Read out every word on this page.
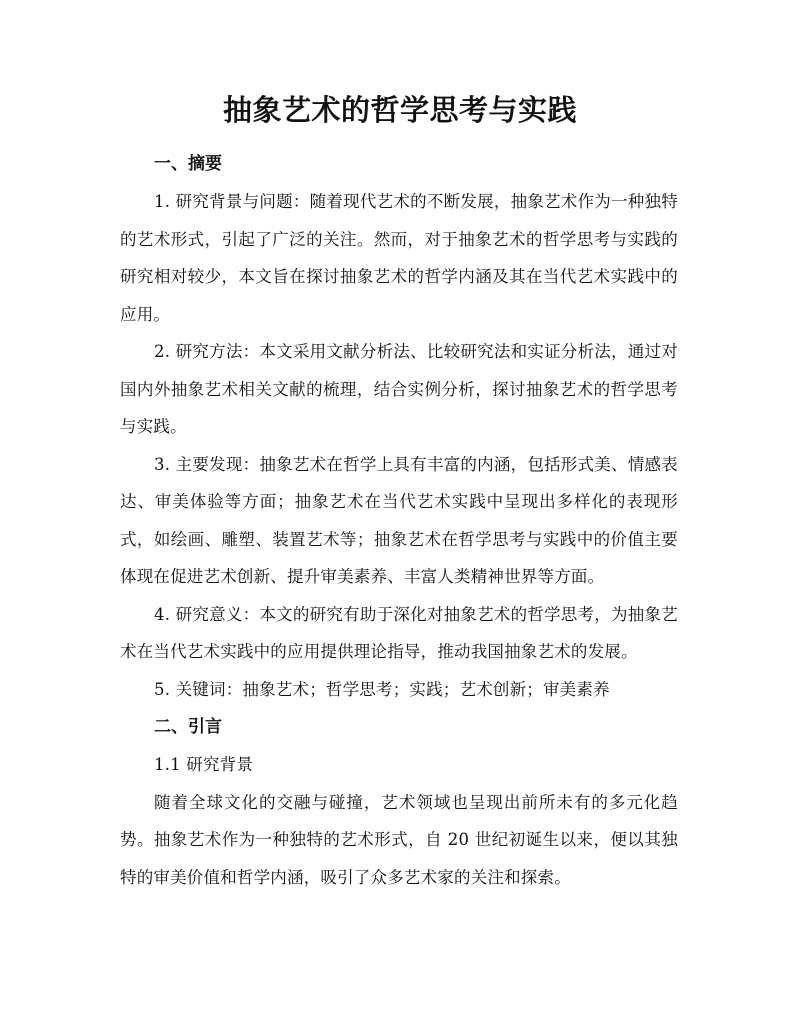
抽象艺术的哲学思考与实践

一、摘要

1. 研究背景与问题：随着现代艺术的不断发展，抽象艺术作为一种独特的艺术形式，引起了广泛的关注。然而，对于抽象艺术的哲学思考与实践的研究相对较少，本文旨在探讨抽象艺术的哲学内涵及其在当代艺术实践中的应用。

2. 研究方法：本文采用文献分析法、比较研究法和实证分析法，通过对国内外抽象艺术相关文献的梳理，结合实例分析，探讨抽象艺术的哲学思考与实践。

3. 主要发现：抽象艺术在哲学上具有丰富的内涵，包括形式美、情感表达、审美体验等方面；抽象艺术在当代艺术实践中呈现出多样化的表现形式，如绘画、雕塑、装置艺术等；抽象艺术在哲学思考与实践中的价值主要体现在促进艺术创新、提升审美素养、丰富人类精神世界等方面。

4. 研究意义：本文的研究有助于深化对抽象艺术的哲学思考，为抽象艺术在当代艺术实践中的应用提供理论指导，推动我国抽象艺术的发展。

5. 关键词：抽象艺术；哲学思考；实践；艺术创新；审美素养

二、引言

1.1 研究背景

随着全球文化的交融与碰撞，艺术领域也呈现出前所未有的多元化趋势。抽象艺术作为一种独特的艺术形式，自 20 世纪初诞生以来，便以其独特的审美价值和哲学内涵，吸引了众多艺术家的关注和探索。
